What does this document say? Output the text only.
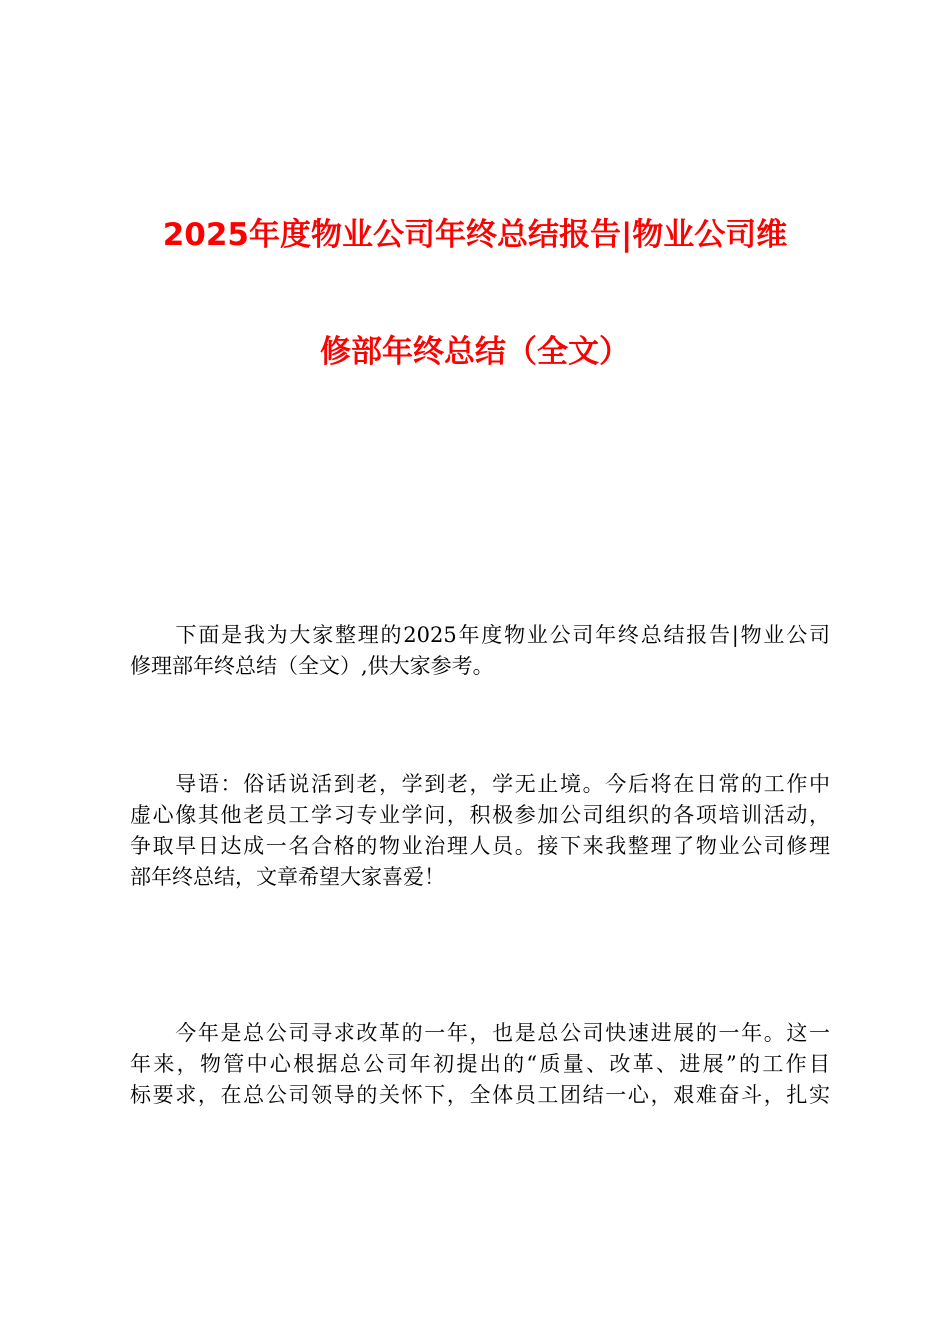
2025年度物业公司年终总结报告|物业公司维
修部年终总结（全文）

　　下面是我为大家整理的2025年度物业公司年终总结报告|物业公司
修理部年终总结（全文）,供大家参考。

　　导语：俗话说活到老，学到老，学无止境。今后将在日常的工作中
虚心像其他老员工学习专业学问，积极参加公司组织的各项培训活动，
争取早日达成一名合格的物业治理人员。接下来我整理了物业公司修理
部年终总结，文章希望大家喜爱！

　　今年是总公司寻求改革的一年，也是总公司快速进展的一年。这一
年来，物管中心根据总公司年初提出的“质量、改革、进展”的工作目
标要求，在总公司领导的关怀下，全体员工团结一心，艰难奋斗，扎实
